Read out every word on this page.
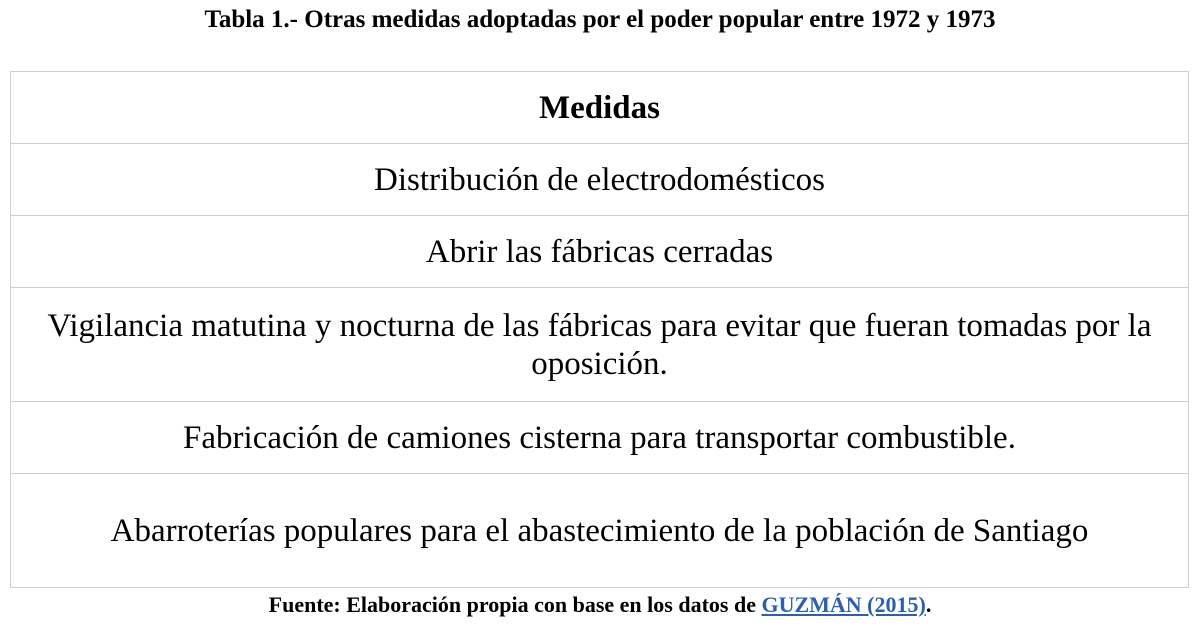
Tabla 1.- Otras medidas adoptadas por el poder popular entre 1972 y 1973
Medidas
Distribución de electrodomésticos
Abrir las fábricas cerradas
Vigilancia matutina y nocturna de las fábricas para evitar que fueran tomadas por la oposición.
Fabricación de camiones cisterna para transportar combustible.
Abarroterías populares para el abastecimiento de la población de Santiago
Fuente: Elaboración propia con base en los datos de GUZMÁN (2015).
